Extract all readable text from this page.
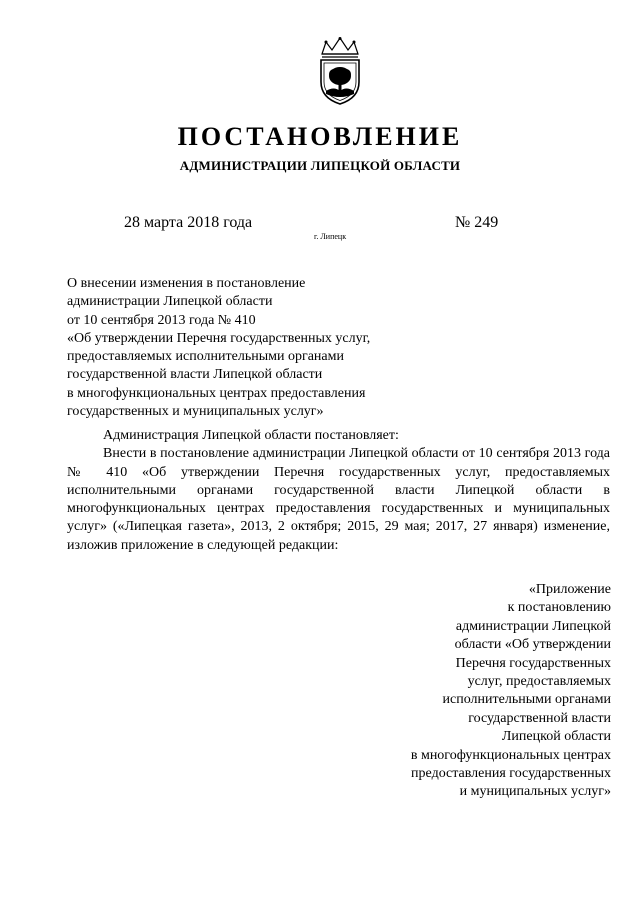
ПОСТАНОВЛЕНИЕ
АДМИНИСТРАЦИИ ЛИПЕЦКОЙ ОБЛАСТИ
28 марта 2018 года
г. Липецк
№ 249
О внесении изменения в постановление
администрации Липецкой области
от 10 сентября 2013 года № 410
«Об утверждении Перечня государственных услуг,
предоставляемых исполнительными органами
государственной власти Липецкой области
в многофункциональных центрах предоставления
государственных и муниципальных услуг»
Администрация Липецкой области постановляет:

Внести в постановление администрации Липецкой области от 10 сентября 2013 года № 410 «Об утверждении Перечня государственных услуг, предоставляемых исполнительными органами государственной власти Липецкой области в многофункциональных центрах предоставления государственных и муниципальных услуг» («Липецкая газета», 2013, 2 октября; 2015, 29 мая; 2017, 27 января) изменение, изложив приложение в следующей редакции:

«Приложение
к постановлению
администрации Липецкой
области «Об утверждении
Перечня государственных
услуг, предоставляемых
исполнительными органами
государственной власти
Липецкой области
в многофункциональных центрах
предоставления государственных
и муниципальных услуг»
